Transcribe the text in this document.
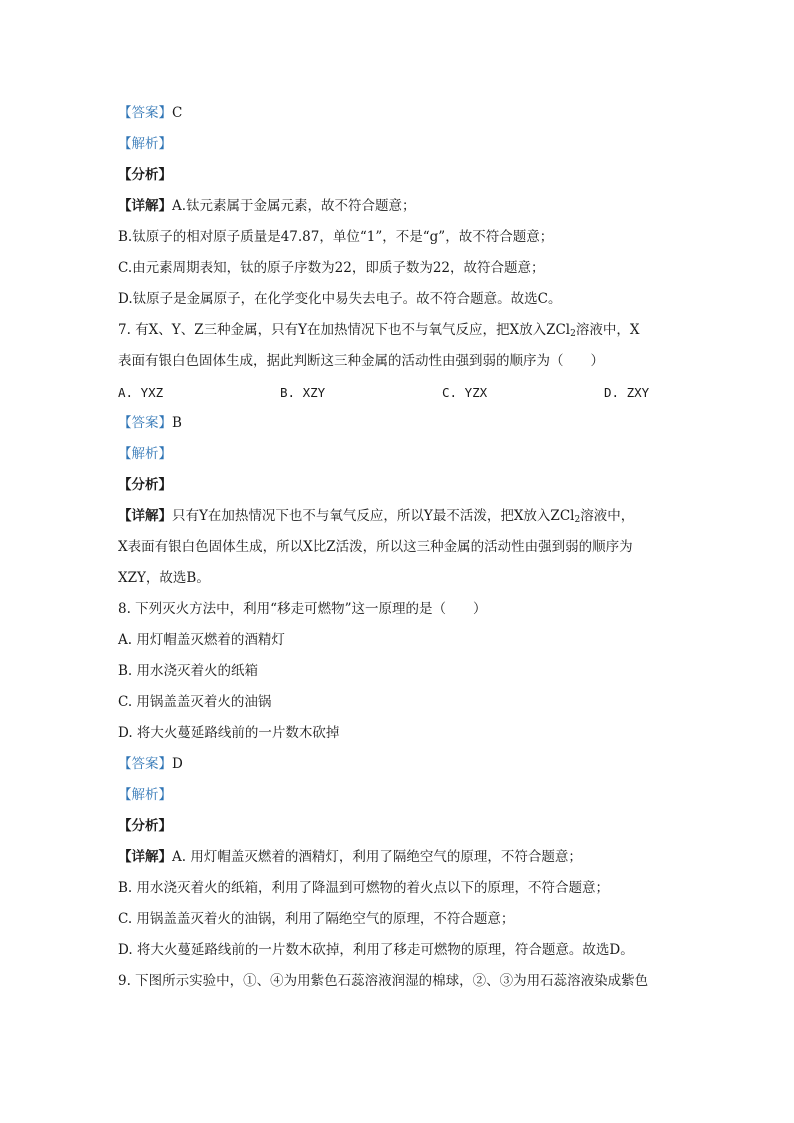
【答案】C
【解析】
【分析】
【详解】A.钛元素属于金属元素，故不符合题意；
B.钛原子的相对原子质量是47.87，单位“1”，不是“g”，故不符合题意；
C.由元素周期表知，钛的原子序数为22，即质子数为22，故符合题意；
D.钛原子是金属原子，在化学变化中易失去电子。故不符合题意。故选C。
7. 有X、Y、Z三种金属，只有Y在加热情况下也不与氧气反应，把X放入ZCl$_2$溶液中，X
表面有银白色固体生成，据此判断这三种金属的活动性由强到弱的顺序为（　　）
A. YXZ	B. XZY	C. YZX	D. ZXY
【答案】B
【解析】
【分析】
【详解】只有Y在加热情况下也不与氧气反应，所以Y最不活泼，把X放入ZCl$_2$溶液中，
X表面有银白色固体生成，所以X比Z活泼，所以这三种金属的活动性由强到弱的顺序为
XZY，故选B。
8. 下列灭火方法中，利用“移走可燃物”这一原理的是（　　）
A. 用灯帽盖灭燃着的酒精灯
B. 用水浇灭着火的纸箱
C. 用锅盖盖灭着火的油锅
D. 将大火蔓延路线前的一片数木砍掉
【答案】D
【解析】
【分析】
【详解】A. 用灯帽盖灭燃着的酒精灯，利用了隔绝空气的原理，不符合题意；
B. 用水浇灭着火的纸箱，利用了降温到可燃物的着火点以下的原理，不符合题意；
C. 用锅盖盖灭着火的油锅，利用了隔绝空气的原理，不符合题意；
D. 将大火蔓延路线前的一片数木砍掉，利用了移走可燃物的原理，符合题意。故选D。
9. 下图所示实验中，①、④为用紫色石蕊溶液润湿的棉球，②、③为用石蕊溶液染成紫色
